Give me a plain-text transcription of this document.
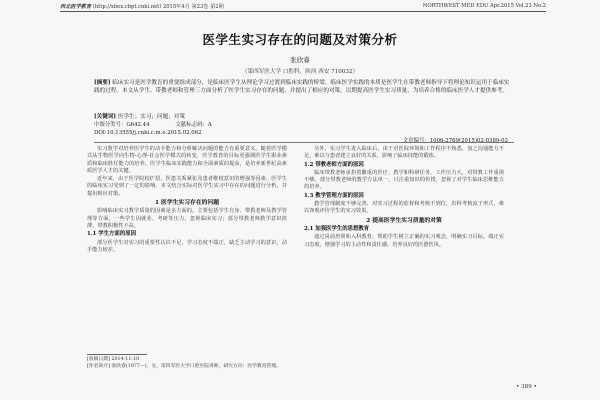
西北医学教育 (http://xbex.cbpt.cnki.net) 2015年4月 第23卷 第2期	NORTHWEST MED EDU Apr.2015 Vol.23 No.2
医学生实习存在的问题及对策分析
张欣睿
（第四军医大学 口腔科，陕西 西安 710032）
[摘要] 临床实习是医学教育的重要组成部分，是临床医学生从理论学习过渡到临床实践的桥梁。临床医学实践的本质是医学生在带教老师指导下将理论知识运用于临床实践的过程。本文从学生、带教老师和管理三方面分析了医学生实习存在的问题，并提出了相应的对策，以期提高医学生实习质量，为培养合格的临床医学人才提供参考。
[关键词] 医学生；实习；问题；对策
中图分类号：G642.44	文献标志码：A
DOI:10.13555/j.cnki.c.m.e.2015.02.062
文章编号：1006-2769(2015)02-0389-02

实习教学对培养医学生的动手能力和分析解决问题的能力有重要意义。随着医学模式从生物医学向生物-心理-社会医学模式的转变，医学教育的目标更强调医学生职业素质和临床胜任能力的培养。医学生临床实践能力和全面素质的提高，是培养新世纪高素质医学人才的关键。

近年来，由于医学院校扩招、医患关系紧张及患者维权意识的增强等因素，医学生的临床实习受到了一定的影响。本文结合实际对医学生实习中存在的问题进行分析，并提出相应对策。

1 医学生实习存在的问题

影响临床实习教学质量的因素是多方面的，主要包括学生自身、带教老师及教学管理等方面。一些学生因就业、考研等压力，忽视临床实习；部分带教老师教学意识淡薄，带教积极性不高。

1.1 学生方面的原因

部分医学生对实习的重要性认识不足，学习态度不端正，缺乏主动学习的意识，动手能力较差。

另外，实习学生进入临床后，由于对医院环境和工作程序不熟悉，加之沟通能力不足，难以与患者建立良好的关系，影响了临床技能的锻炼。

1.2 带教老师方面的原因

临床带教老师承担着繁重的医疗、教学和科研任务，工作压力大，对带教工作重视不够。部分带教老师的教学方法单一，只注重知识的传授，忽视了对学生临床思维能力的培养。

1.3 教学管理方面的原因

教学管理制度不够完善，对实习过程的监督和考核不到位，出科考核流于形式，难以客观评价学生的实习效果。

2 提高医学生实习质量的对策
2.1 加强医学生的思想教育

通过岗前培训和入科教育，帮助学生树立正确的实习观念，明确实习目标，端正实习态度，增强学习的主动性和责任感，培养良好的医德医风。

[收稿日期] 2014-11-10
[作者简介] 张欣睿(1977—)，女，第四军医大学口腔医院讲师，研究方向：医学教育管理。
• 389 •
